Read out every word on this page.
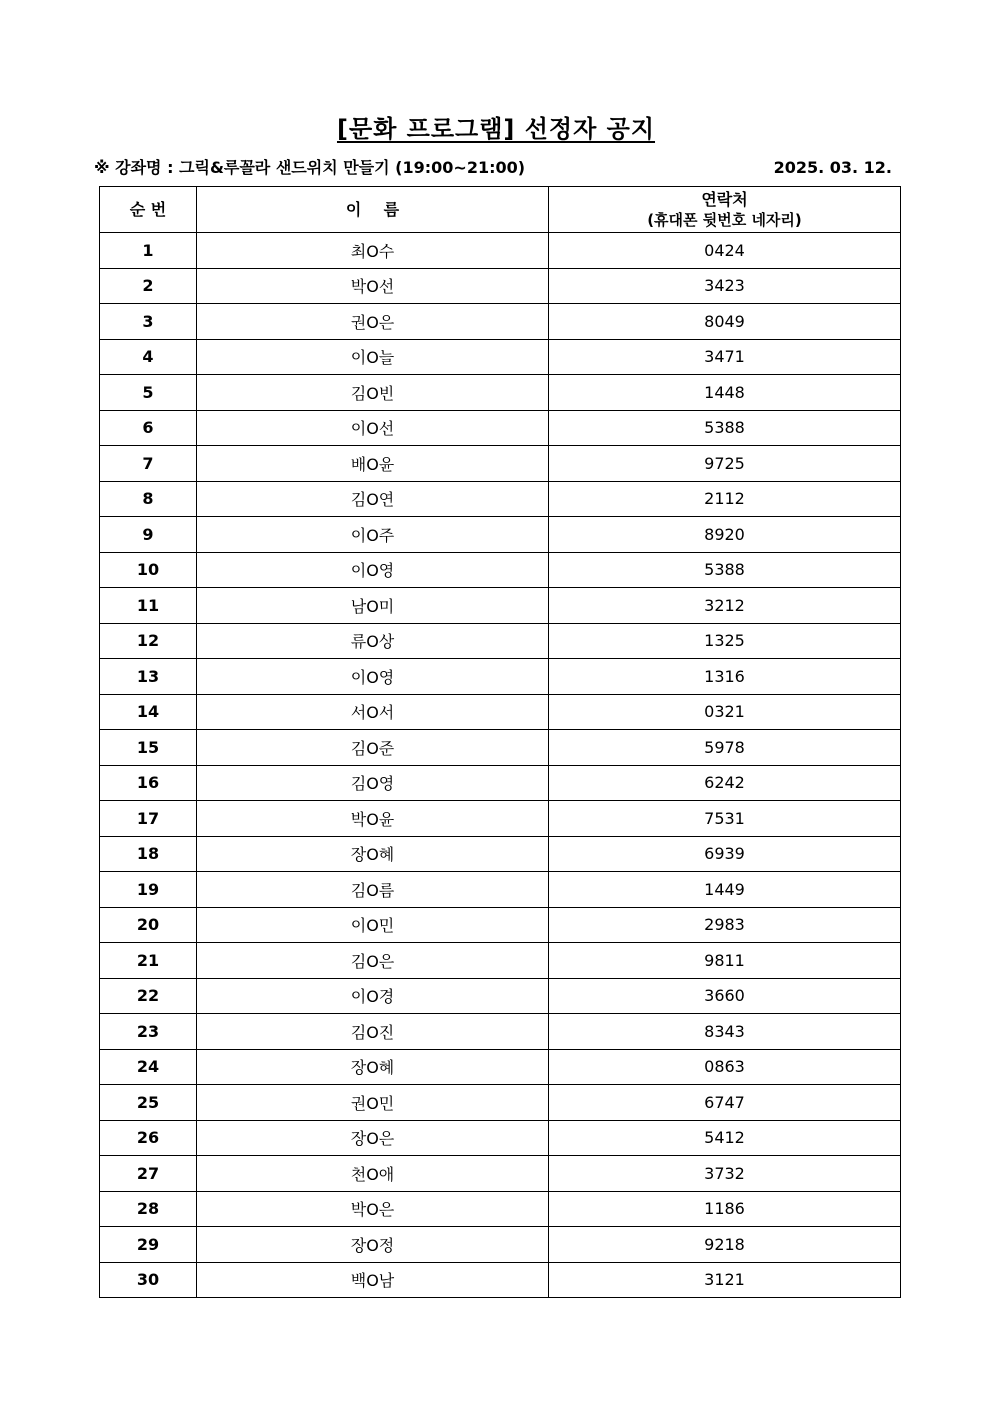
[문화 프로그램] 선정자 공지
※ 강좌명 : 그릭&루꼴라 샌드위치 만들기 (19:00~21:00)	2025. 03. 12.
순 번	이    름	연락처
(휴대폰 뒷번호 네자리)

1	최O수	0424
2	박O선	3423
3	권O은	8049
4	이O늘	3471
5	김O빈	1448
6	이O선	5388
7	배O윤	9725
8	김O연	2112
9	이O주	8920
10	이O영	5388
11	남O미	3212
12	류O상	1325
13	이O영	1316
14	서O서	0321
15	김O준	5978
16	김O영	6242
17	박O윤	7531
18	장O혜	6939
19	김O름	1449
20	이O민	2983
21	김O은	9811
22	이O경	3660
23	김O진	8343
24	장O혜	0863
25	권O민	6747
26	장O은	5412
27	천O애	3732
28	박O은	1186
29	장O정	9218
30	백O남	3121
